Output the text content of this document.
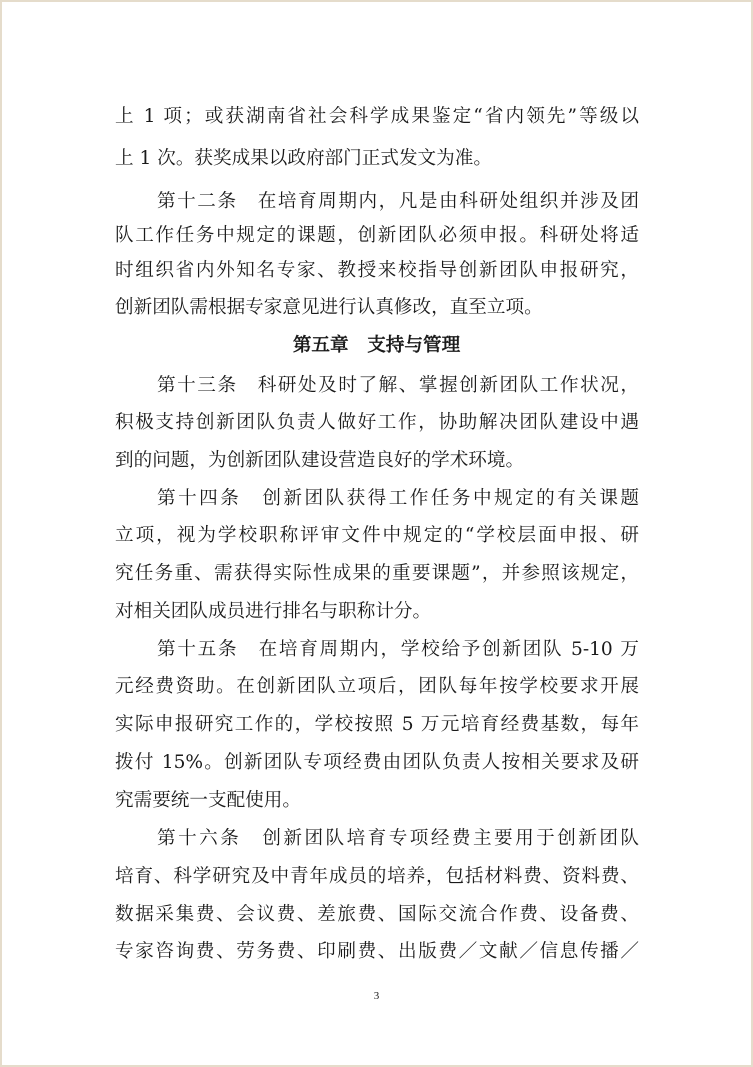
上 1 项；或获湖南省社会科学成果鉴定“省内领先”等级以
上 1 次。获奖成果以政府部门正式发文为准。
第十二条　在培育周期内，凡是由科研处组织并涉及团
队工作任务中规定的课题，创新团队必须申报。科研处将适
时组织省内外知名专家、教授来校指导创新团队申报研究，
创新团队需根据专家意见进行认真修改，直至立项。
第五章　支持与管理
第十三条　科研处及时了解、掌握创新团队工作状况，
积极支持创新团队负责人做好工作，协助解决团队建设中遇
到的问题，为创新团队建设营造良好的学术环境。
第十四条　创新团队获得工作任务中规定的有关课题
立项，视为学校职称评审文件中规定的“学校层面申报、研
究任务重、需获得实际性成果的重要课题”，并参照该规定，
对相关团队成员进行排名与职称计分。
第十五条　在培育周期内，学校给予创新团队 5-10 万
元经费资助。在创新团队立项后，团队每年按学校要求开展
实际申报研究工作的，学校按照 5 万元培育经费基数，每年
拨付 15%。创新团队专项经费由团队负责人按相关要求及研
究需要统一支配使用。
第十六条　创新团队培育专项经费主要用于创新团队
培育、科学研究及中青年成员的培养，包括材料费、资料费、
数据采集费、会议费、差旅费、国际交流合作费、设备费、
专家咨询费、劳务费、印刷费、出版费／文献／信息传播／
3
